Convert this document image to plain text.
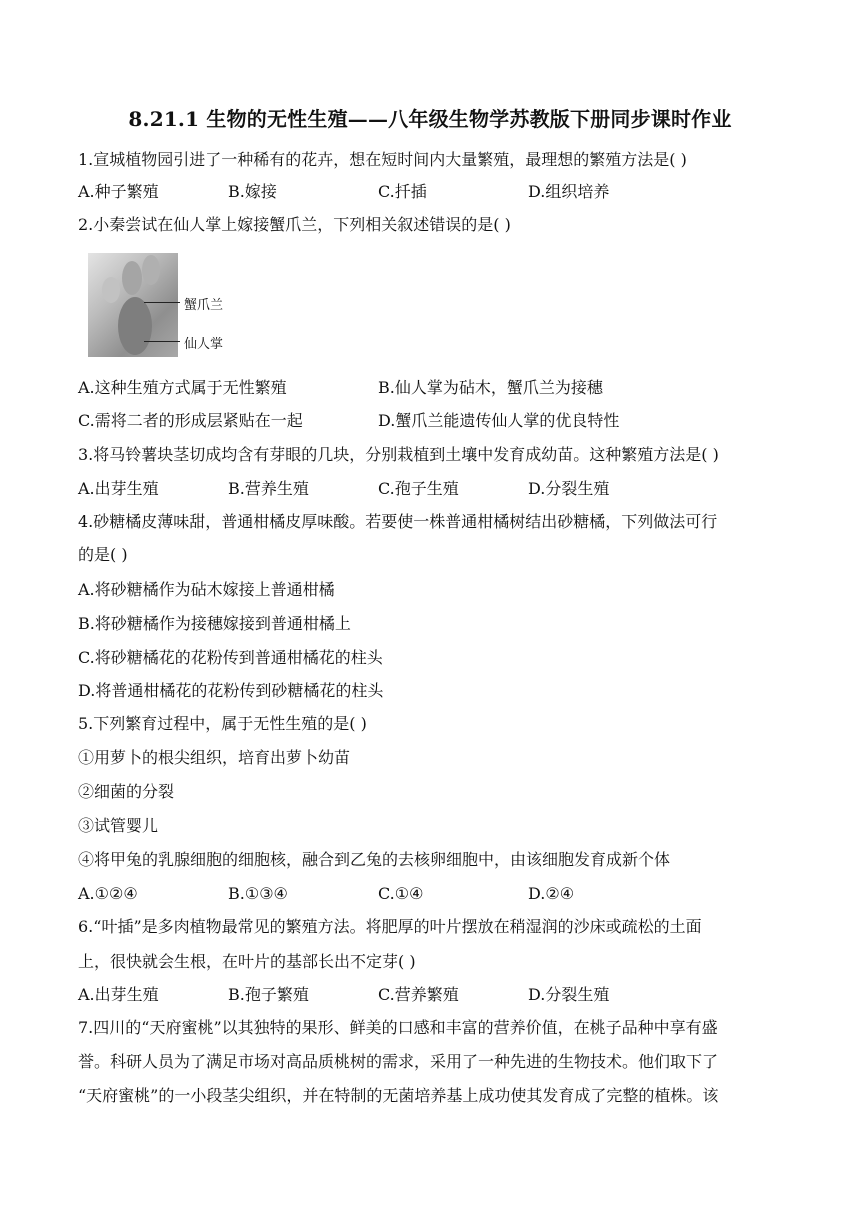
8.21.1 生物的无性生殖——八年级生物学苏教版下册同步课时作业
1.宣城植物园引进了一种稀有的花卉，想在短时间内大量繁殖，最理想的繁殖方法是( )
A.种子繁殖	B.嫁接	C.扦插	D.组织培养
2.小秦尝试在仙人掌上嫁接蟹爪兰，下列相关叙述错误的是( )
蟹爪兰
仙人掌
A.这种生殖方式属于无性繁殖	B.仙人掌为砧木，蟹爪兰为接穗
C.需将二者的形成层紧贴在一起	D.蟹爪兰能遗传仙人掌的优良特性
3.将马铃薯块茎切成均含有芽眼的几块，分别栽植到土壤中发育成幼苗。这种繁殖方法是( )
A.出芽生殖	B.营养生殖	C.孢子生殖	D.分裂生殖
4.砂糖橘皮薄味甜，普通柑橘皮厚味酸。若要使一株普通柑橘树结出砂糖橘，下列做法可行
的是( )
A.将砂糖橘作为砧木嫁接上普通柑橘
B.将砂糖橘作为接穗嫁接到普通柑橘上
C.将砂糖橘花的花粉传到普通柑橘花的柱头
D.将普通柑橘花的花粉传到砂糖橘花的柱头
5.下列繁育过程中，属于无性生殖的是( )
①用萝卜的根尖组织，培育出萝卜幼苗
②细菌的分裂
③试管婴儿
④将甲兔的乳腺细胞的细胞核，融合到乙兔的去核卵细胞中，由该细胞发育成新个体
A.①②④	B.①③④	C.①④	D.②④
6.“叶插”是多肉植物最常见的繁殖方法。将肥厚的叶片摆放在稍湿润的沙床或疏松的土面
上，很快就会生根，在叶片的基部长出不定芽( )
A.出芽生殖	B.孢子繁殖	C.营养繁殖	D.分裂生殖
7.四川的“天府蜜桃”以其独特的果形、鲜美的口感和丰富的营养价值，在桃子品种中享有盛
誉。科研人员为了满足市场对高品质桃树的需求，采用了一种先进的生物技术。他们取下了
“天府蜜桃”的一小段茎尖组织，并在特制的无菌培养基上成功使其发育成了完整的植株。该
